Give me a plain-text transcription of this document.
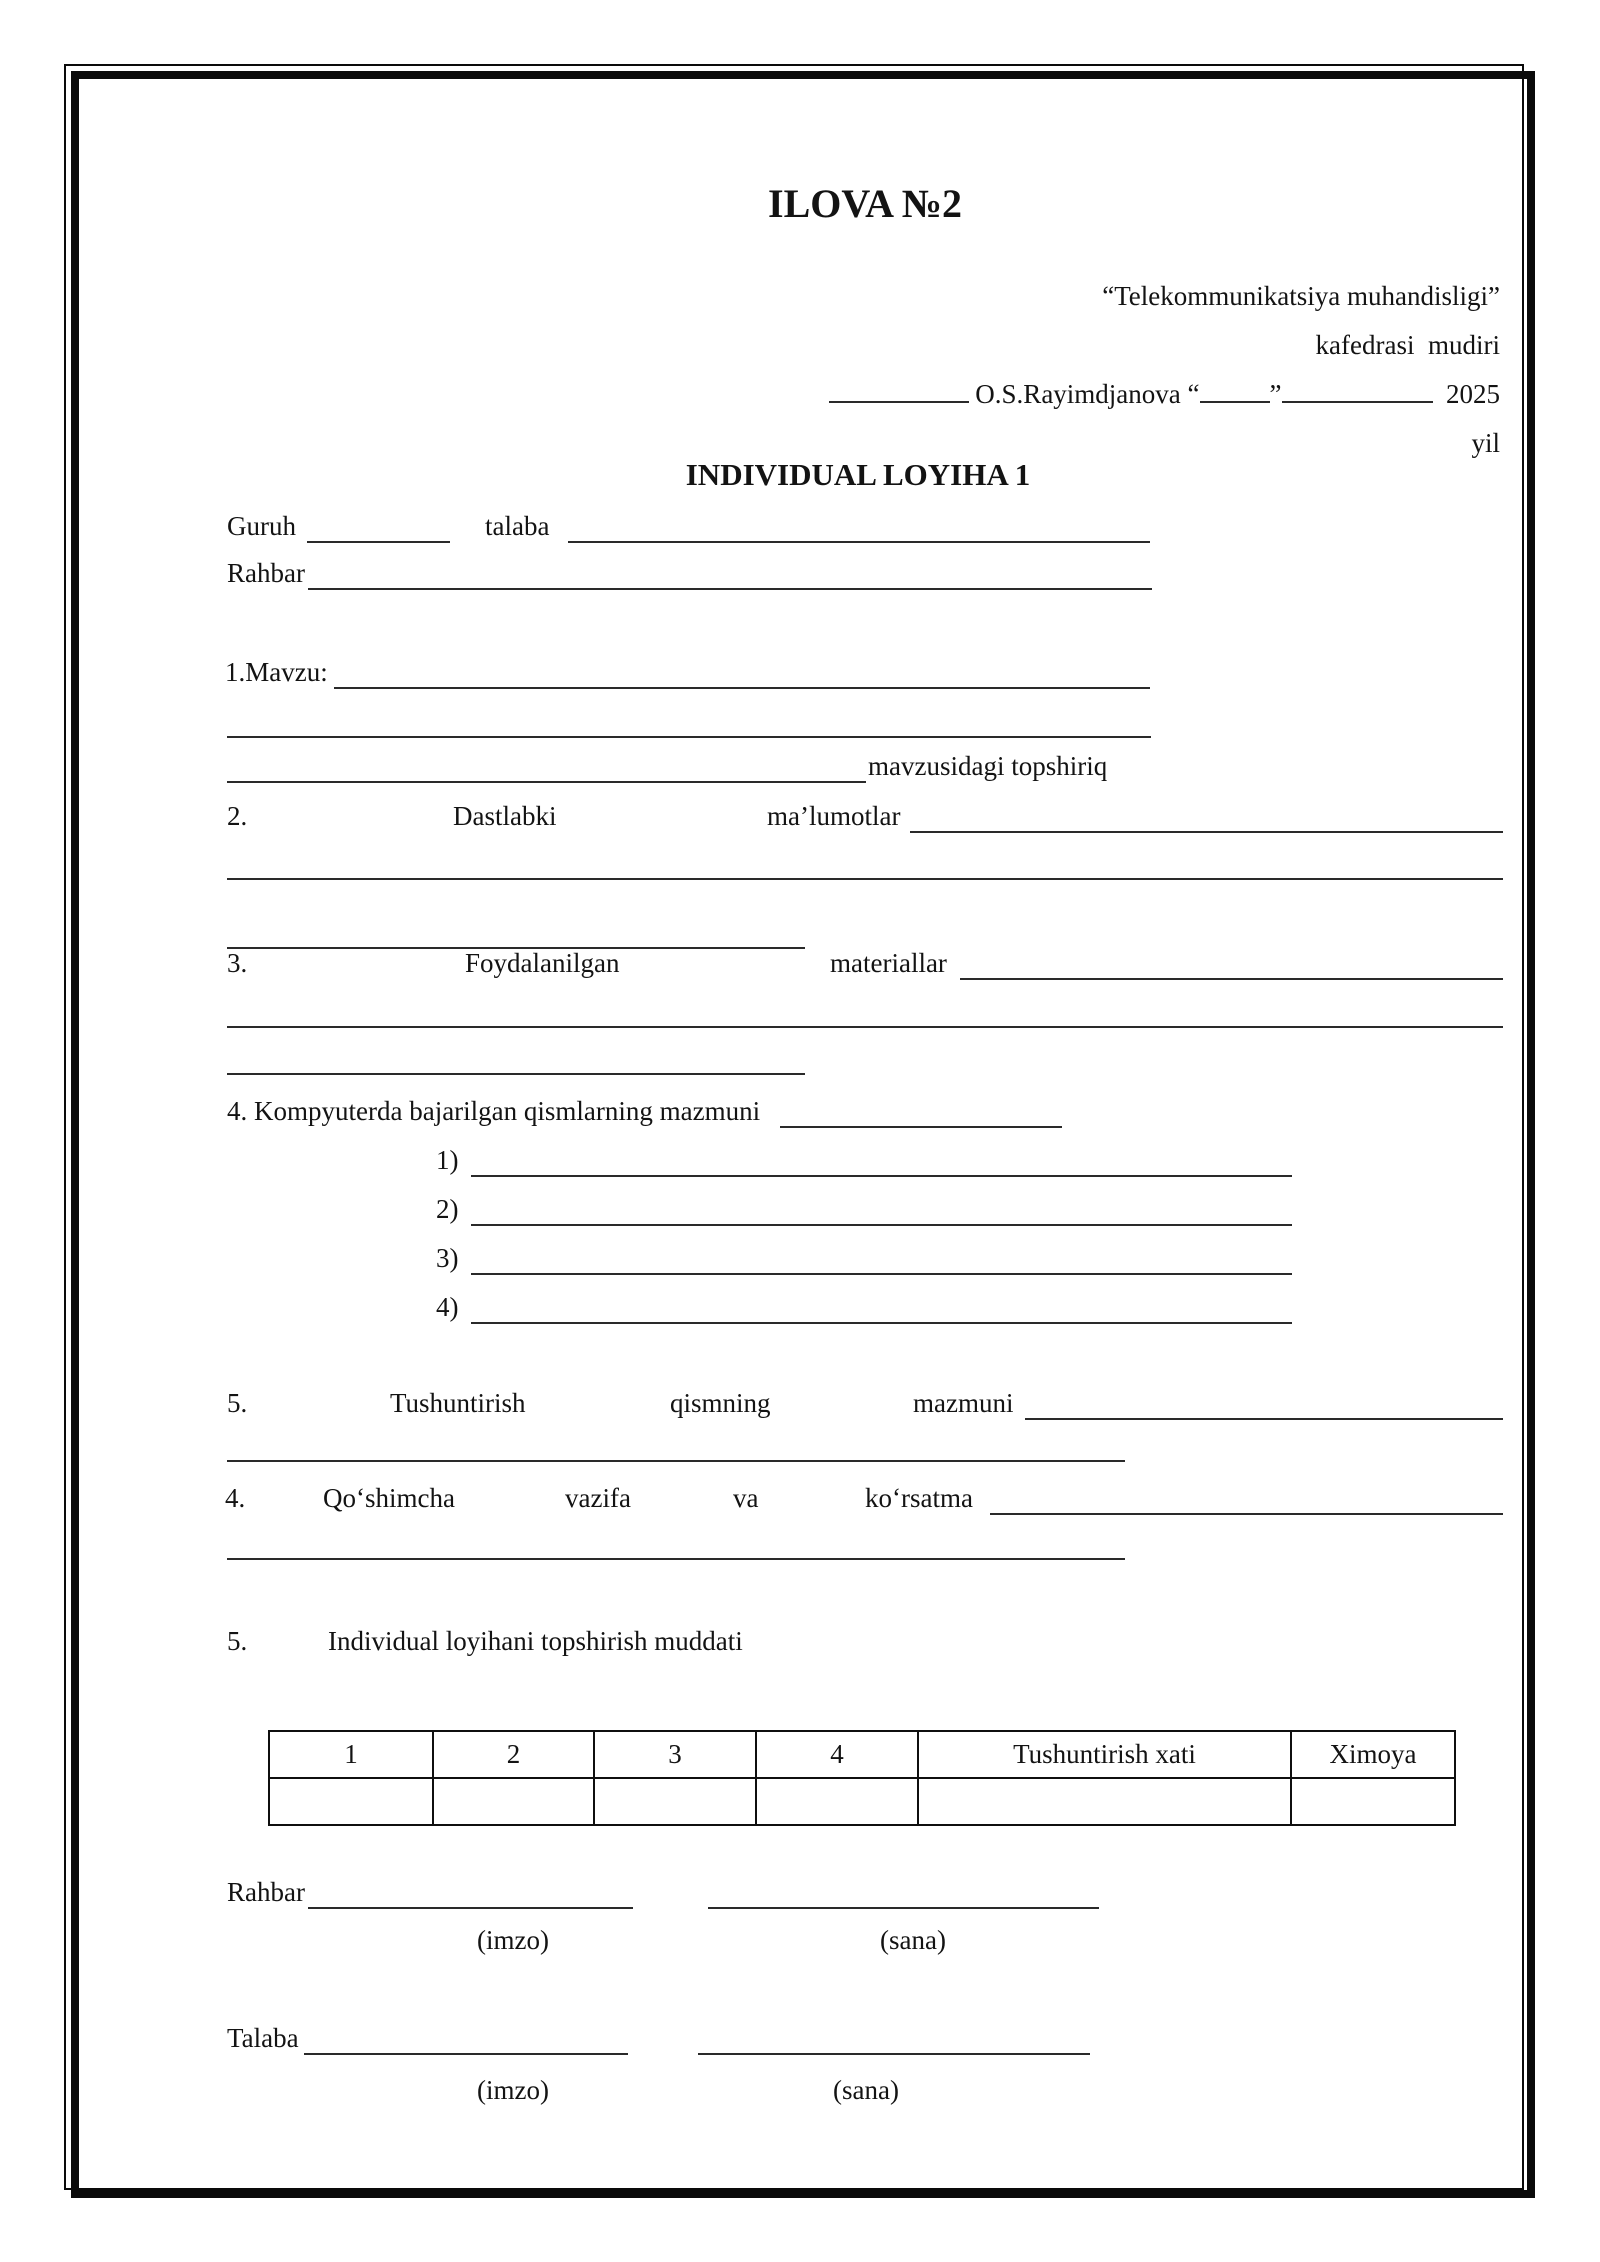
ILOVA №2
“Telekommunikatsiya muhandisligi”
kafedrasi  mudiri
O.S.Rayimdjanova “	”	2025
yil
INDIVIDUAL LOYIHA 1
Guruh	talaba
Rahbar
1.Mavzu:
mavzusidagi topshiriq
2.	Dastlabki	ma’lumotlar
3.	Foydalanilgan	materiallar
4. Kompyuterda bajarilgan qismlarning mazmuni
1)
2)
3)
4)
5.	Tushuntirish	qismning	mazmuni
4.	Qo‘shimcha	vazifa	va	ko‘rsatma
5.	Individual loyihani topshirish muddati
1	2	3	4	Tushuntirish xati	Ximoya

Rahbar
(imzo)	(sana)
Talaba
(imzo)	(sana)
